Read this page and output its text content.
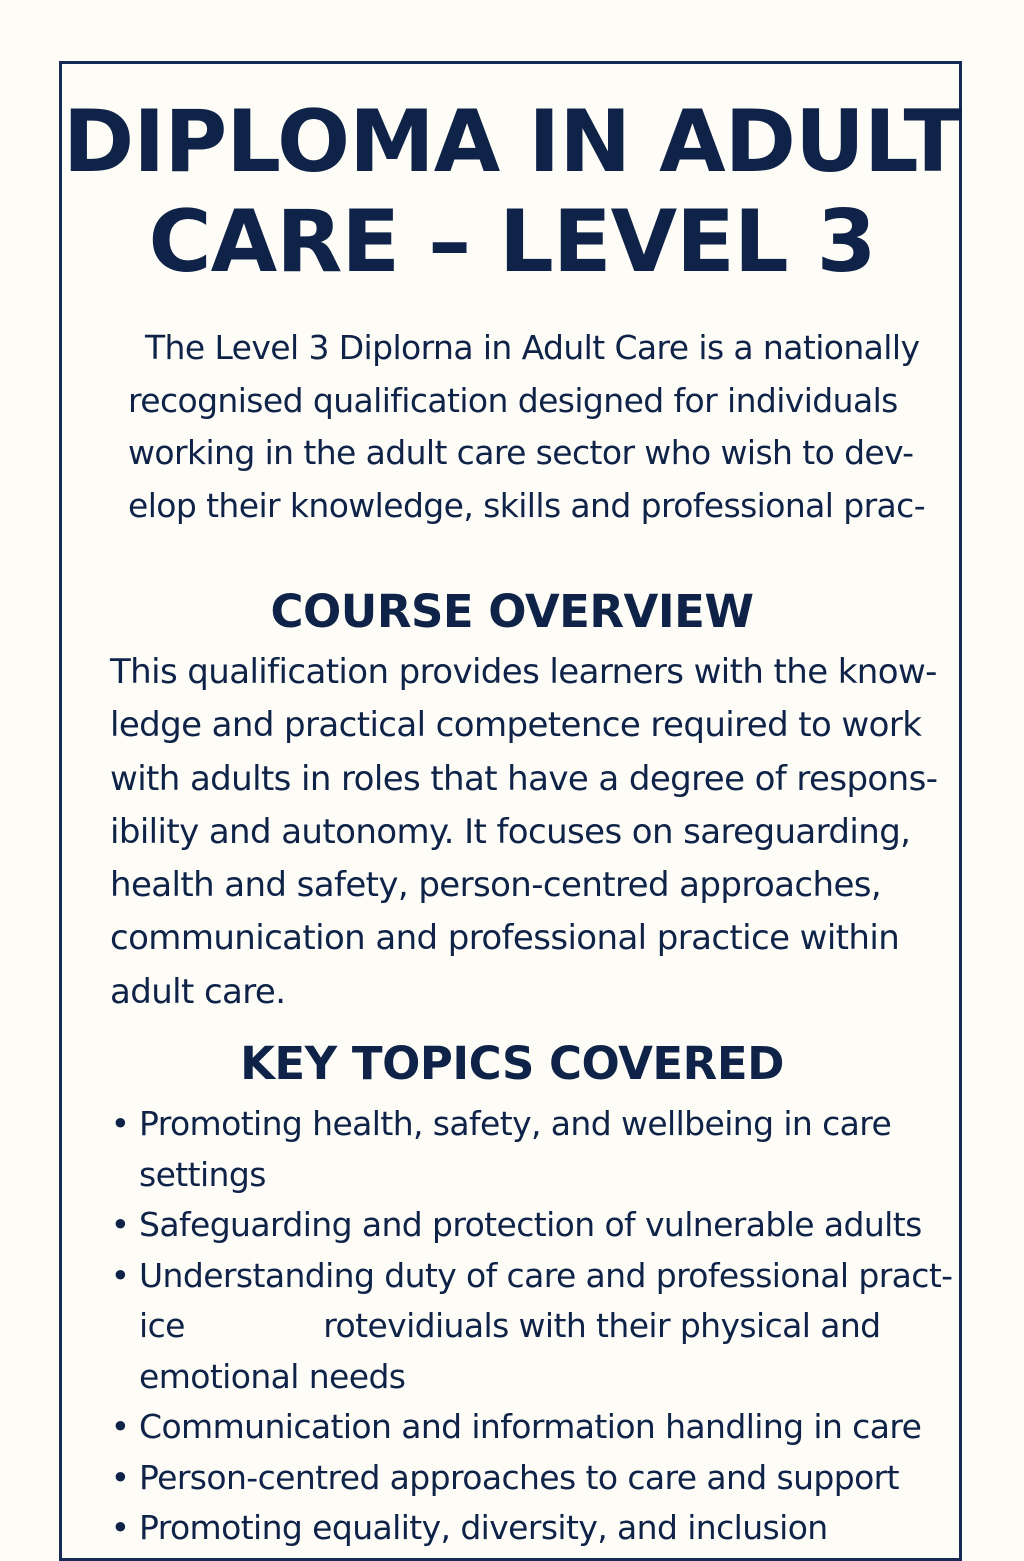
DIPLOMA IN ADULT
CARE – LEVEL 3

The Level 3 Diplorna in Adult Care is a nationally
recognised qualification designed for individuals
working in the adult care sector who wish to dev-
elop their knowledge, skills and professional prac-

COURSE OVERVIEW

This qualification provides learners with the know-
ledge and practical competence required to work
with adults in roles that have a degree of respons-
ibility and autonomy. It focuses on sareguarding,
health and safety, person-centred approaches,
communication and professional practice within
adult care.

KEY TOPICS COVERED
• Promoting health, safety, and wellbeing in care
settings
• Safeguarding and protection of vulnerable adults
• Understanding duty of care and professional pract-
ice              rotevidiuals with their physical and
emotional needs
• Communication and information handling in care
• Person-centred approaches to care and support
• Promoting equality, diversity, and inclusion
